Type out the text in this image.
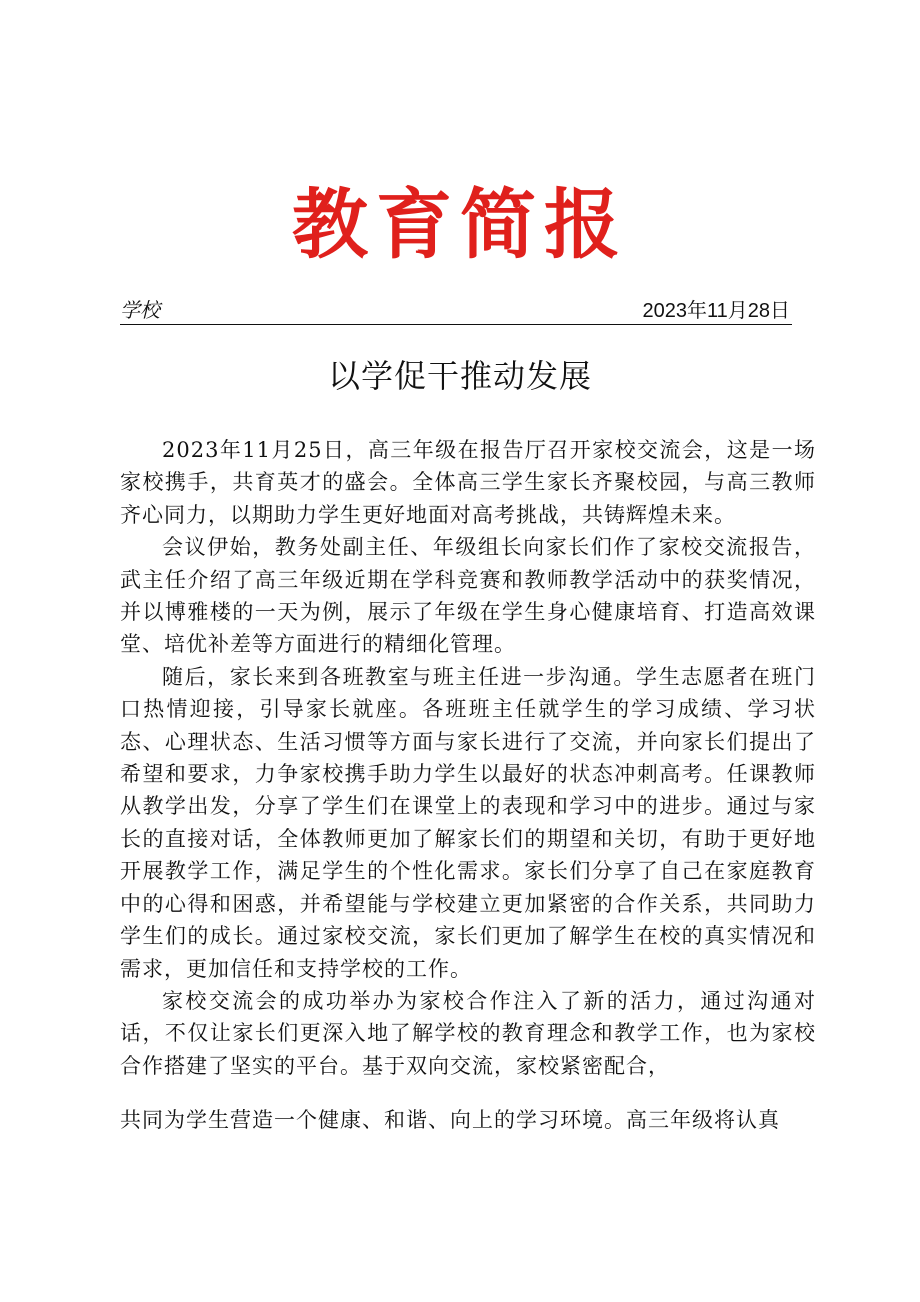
教育简报
学校	2023年11月28日
以学促干推动发展

2023年11月25日，高三年级在报告厅召开家校交流会，这是一场家校携手，共育英才的盛会。全体高三学生家长齐聚校园，与高三教师齐心同力，以期助力学生更好地面对高考挑战，共铸辉煌未来。

会议伊始，教务处副主任、年级组长向家长们作了家校交流报告，武主任介绍了高三年级近期在学科竞赛和教师教学活动中的获奖情况，并以博雅楼的一天为例，展示了年级在学生身心健康培育、打造高效课堂、培优补差等方面进行的精细化管理。

随后，家长来到各班教室与班主任进一步沟通。学生志愿者在班门口热情迎接，引导家长就座。各班班主任就学生的学习成绩、学习状态、心理状态、生活习惯等方面与家长进行了交流，并向家长们提出了希望和要求，力争家校携手助力学生以最好的状态冲刺高考。任课教师从教学出发，分享了学生们在课堂上的表现和学习中的进步。通过与家长的直接对话，全体教师更加了解家长们的期望和关切，有助于更好地开展教学工作，满足学生的个性化需求。家长们分享了自己在家庭教育中的心得和困惑，并希望能与学校建立更加紧密的合作关系，共同助力学生们的成长。通过家校交流，家长们更加了解学生在校的真实情况和需求，更加信任和支持学校的工作。

家校交流会的成功举办为家校合作注入了新的活力，通过沟通对话，不仅让家长们更深入地了解学校的教育理念和教学工作，也为家校合作搭建了坚实的平台。基于双向交流，家校紧密配合，

共同为学生营造一个健康、和谐、向上的学习环境。高三年级将认真
